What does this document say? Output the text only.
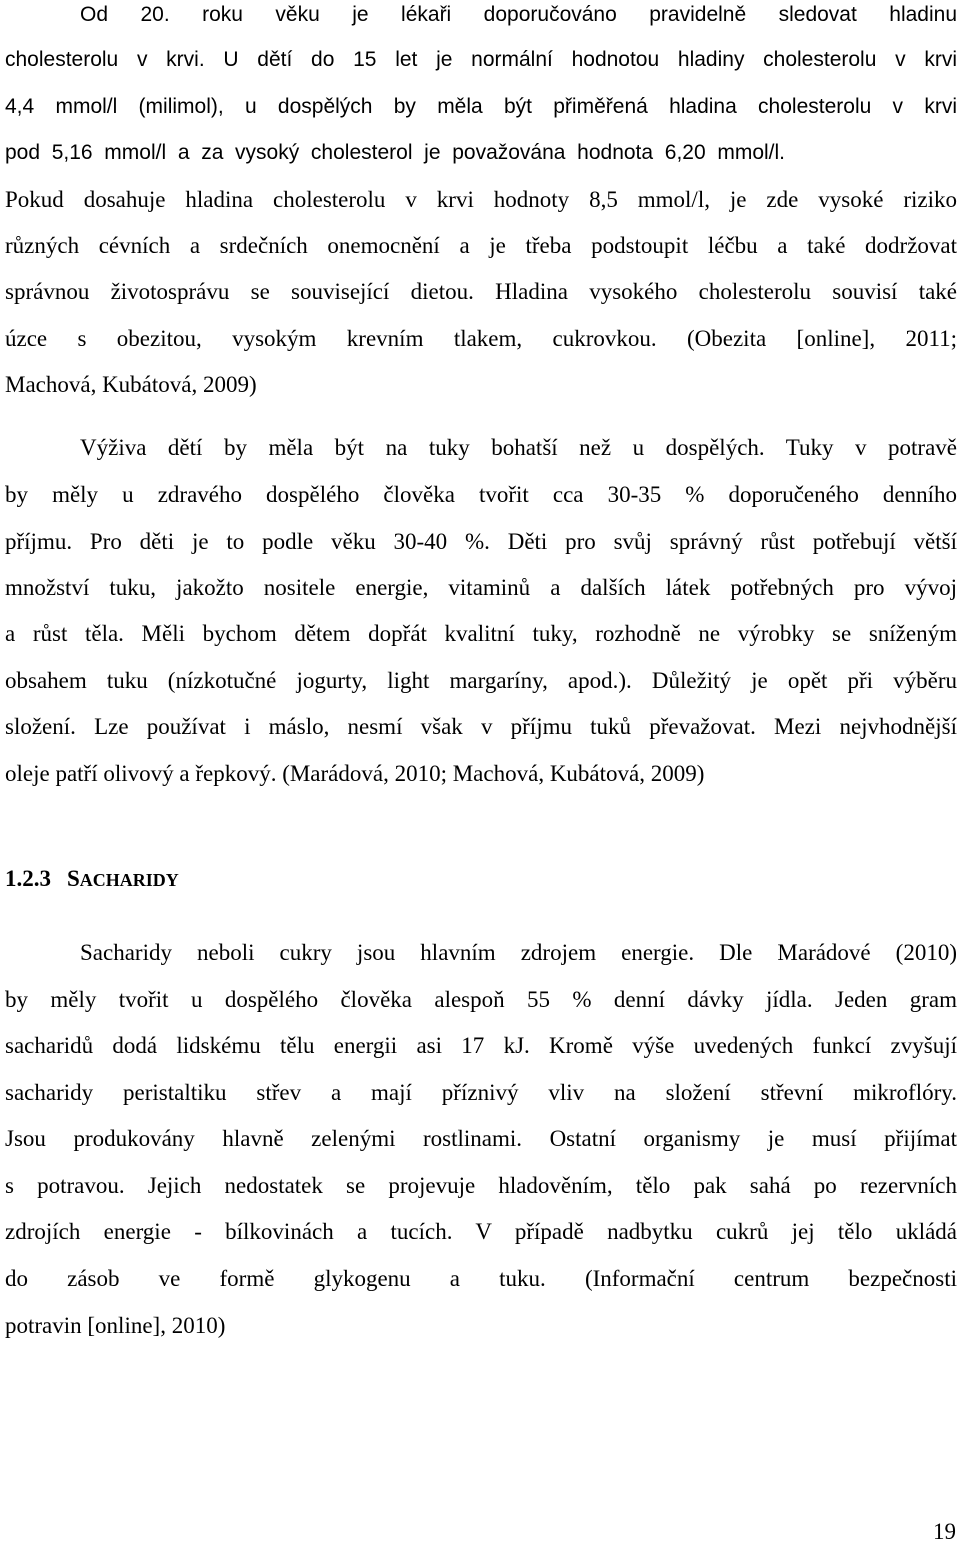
Od 20. roku věku je lékaři doporučováno pravidelně sledovat hladinu
cholesterolu v krvi. U dětí do 15 let je normální hodnotou hladiny cholesterolu v krvi
4,4 mmol/l (milimol), u dospělých by měla být přiměřená hladina cholesterolu v krvi
pod 5,16 mmol/l a za vysoký cholesterol je považována hodnota 6,20 mmol/l.
Pokud dosahuje hladina cholesterolu v krvi hodnoty 8,5 mmol/l, je zde vysoké riziko
různých cévních a srdečních onemocnění a je třeba podstoupit léčbu a také dodržovat
správnou životosprávu se související dietou. Hladina vysokého cholesterolu souvisí také
úzce s obezitou, vysokým krevním tlakem, cukrovkou. (Obezita [online], 2011;
Machová, Kubátová, 2009)
Výživa dětí by měla být na tuky bohatší než u dospělých. Tuky v potravě
by měly u zdravého dospělého člověka tvořit cca 30-35 % doporučeného denního
příjmu. Pro děti je to podle věku 30-40 %. Děti pro svůj správný růst potřebují větší
množství tuku, jakožto nositele energie, vitaminů a dalších látek potřebných pro vývoj
a růst těla. Měli bychom dětem dopřát kvalitní tuky, rozhodně ne výrobky se sníženým
obsahem tuku (nízkotučné jogurty, light margaríny, apod.). Důležitý je opět při výběru
složení. Lze používat i máslo, nesmí však v příjmu tuků převažovat. Mezi nejvhodnější
oleje patří olivový a řepkový. (Marádová, 2010; Machová, Kubátová, 2009)
1.2.3 SACHARIDY
Sacharidy neboli cukry jsou hlavním zdrojem energie. Dle Marádové (2010)
by měly tvořit u dospělého člověka alespoň 55 % denní dávky jídla. Jeden gram
sacharidů dodá lidskému tělu energii asi 17 kJ. Kromě výše uvedených funkcí zvyšují
sacharidy peristaltiku střev a mají příznivý vliv na složení střevní mikroflóry.
Jsou produkovány hlavně zelenými rostlinami. Ostatní organismy je musí přijímat
s potravou. Jejich nedostatek se projevuje hladověním, tělo pak sahá po rezervních
zdrojích energie - bílkovinách a tucích. V případě nadbytku cukrů jej tělo ukládá
do zásob ve formě glykogenu a tuku. (Informační centrum bezpečnosti
potravin [online], 2010)
19
